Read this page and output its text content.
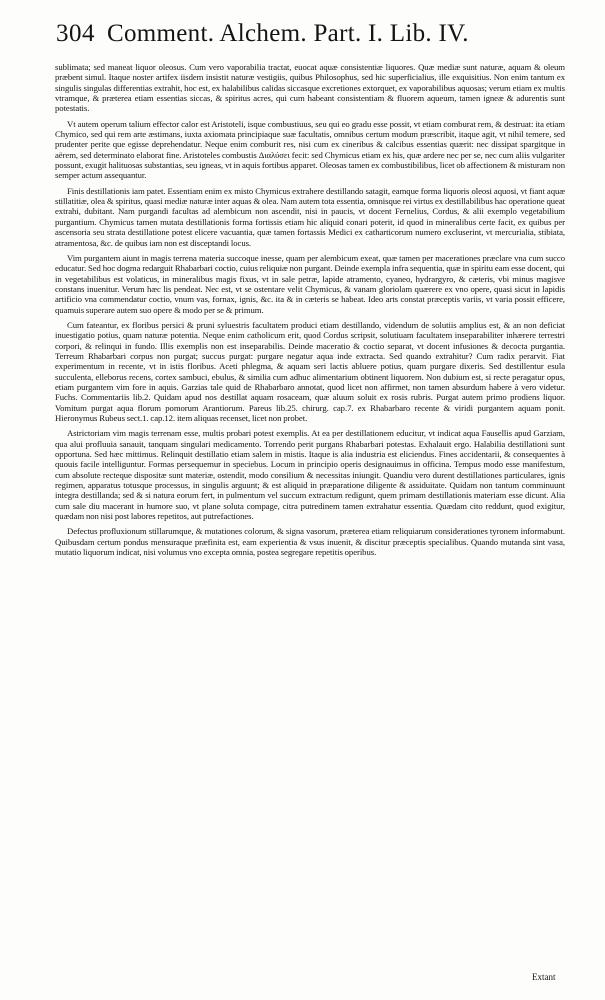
304 Comment. Alchem. Part. I. Lib. IV.

sublimata; sed maneat liquor oleosus. Cum vero vaporabilia tractat, euocat aquæ consistentiæ liquores. Quæ mediæ sunt naturæ, aquam & oleum præbent simul. Itaque noster artifex iisdem insistit naturæ vestigiis, quibus Philosophus, sed hic superficialius, ille exquisitius. Non enim tantum ex singulis singulas differentias extrahit, hoc est, ex halabilibus calidas siccasque excretiones extorquet, ex vaporabilibus aquosas; verum etiam ex multis vtramque, & præterea etiam essentias siccas, & spiritus acres, qui cum habeant consistentiam & fluorem aqueum, tamen igneæ & adurentis sunt potestatis.

Vt autem operum talium effector calor est Aristoteli, isque combustiuus, seu qui eo gradu esse possit, vt etiam comburat rem, & destruat: ita etiam Chymico, sed qui rem arte æstimans, iuxta axiomata principiaque suæ facultatis, omnibus certum modum præscribit, itaque agit, vt nihil temere, sed prudenter perite que egisse deprehendatur. Neque enim comburit res, nisi cum ex cineribus & calcibus essentias quærit: nec dissipat spargitque in aërem, sed determinato elaborat fine. Aristoteles combustis Διαλύσει fecit: sed Chymicus etiam ex his, quæ ardere nec per se, nec cum aliis vulgariter possunt, exugit halituosas substantias, seu igneas, vt in aquis fortibus apparet. Oleosas tamen ex combustibilibus, licet ob affectionem & misturam non semper actum assequantur.

Finis destillationis iam patet. Essentiam enim ex misto Chymicus extrahere destillando satagit, eamque forma liquoris oleosi aquosi, vt fiant aquæ stillatitiæ, olea & spiritus, quasi mediæ naturæ inter aquas & olea. Nam autem tota essentia, omnisque rei virtus ex destillabilibus hac operatione queat extrahi, dubitant. Nam purgandi facultas ad alembicum non ascendit, nisi in paucis, vt docent Fernelius, Cordus, & alii exemplo vegetabilium purgantium. Chymicus tamen mutata destillationis forma fortissis etiam hic aliquid conari poterit, id quod in mineralibus certe facit, ex quibus per ascensoria seu strata destillatione potest elicere vacuantia, quæ tamen fortassis Medici ex catharticorum numero excluserint, vt mercurialia, stibiata, atramentosa, &c. de quibus iam non est disceptandi locus.

Vim purgantem aiunt in magis terrena materia succoque inesse, quam per alembicum exeat, quæ tamen per macerationes præclare vna cum succo educatur. Sed hoc dogma redarguit Rhabarbari coctio, cuius reliquiæ non purgant. Deinde exempla infra sequentia, quæ in spiritu eam esse docent, qui in vegetabilibus est volaticus, in mineralibus magis fixus, vt in sale petræ, lapide atramento, cyaneo, hydrargyro, & cæteris, vbi minus magisve constans inuenitur. Verum hæc lis pendeat. Nec est, vt se ostentare velit Chymicus, & vanam gloriolam quærere ex vno opere, quasi sicut in lapidis artificio vna commendatur coctio, vnum vas, fornax, ignis, &c. ita & in cæteris se habeat. Ideo arts constat præceptis variis, vt varia possit efficere, quamuis superare autem suo opere & modo per se & primum.

Cum fateantur, ex floribus persici & pruni syluestris facultatem produci etiam destillando, videndum de solutiis amplius est, & an non deficiat inuestigatio potius, quam naturæ potentia. Neque enim catholicum erit, quod Cordus scripsit, solutiuam facultatem inseparabiliter inhærere terrestri corpori, & relinqui in fundo. Illis exemplis non est inseparabilis. Deinde maceratio & coctio separat, vt docent infusiones & decocta purgantia. Terreum Rhabarbari corpus non purgat; succus purgat: purgare negatur aqua inde extracta. Sed quando extrahitur? Cum radix perarvit. Fiat experimentum in recente, vt in istis floribus. Aceti phlegma, & aquam seri lactis abluere potius, quam purgare dixeris. Sed destillentur esula succulenta, elleborus recens, cortex sambuci, ebulus, & similia cum adhuc alimentarium obtinent liquorem. Non dubium est, si recte peragatur opus, etiam purgantem vim fore in aquis. Garzias tale quid de Rhabarbaro annotat, quod licet non affirmet, non tamen absurdum habere à vero videtur. Fuchs. Commentariis lib.2. Quidam apud nos destillat aquam rosaceam, quæ aluum soluit ex rosis rubris. Purgat autem primo prodiens liquor. Vomitum purgat aqua florum pomorum Arantiorum. Pareus lib.25. chirurg. cap.7. ex Rhabarbaro recente & viridi purgantem aquam ponit. Hieronymus Rubeus sect.1. cap.12. item aliquas recenset, licet non probet.

Astrictoriam vim magis terrenam esse, multis probari potest exemplis. At ea per destillationem educitur, vt indicat aqua Fausellis apud Garziam, qua alui profluuia sanauit, tanquam singulari medicamento. Torrendo perit purgans Rhabarbari potestas. Exhalauit ergo. Halabilia destillationi sunt opportuna. Sed hæc mittimus. Relinquit destillatio etiam salem in mistis. Itaque is alia industria est eliciendus. Fines accidentarii, & consequentes à quouis facile intelliguntur. Formas persequemur in speciebus. Locum in principio operis designauimus in officina. Tempus modo esse manifestum, cum absolute recteque dispositæ sunt materiæ, ostendit, modo consilium & necessitas iniungit. Quandiu vero durent destillationes particulares, ignis regimen, apparatus totusque processus, in singulis arguunt; & est aliquid in præparatione diligente & assiduitate. Quidam non tantum comminuunt integra destillanda; sed & si natura eorum fert, in pulmentum vel succum extractum redigunt, quem primam destillationis materiam esse dicunt. Alia cum sale diu macerant in humore suo, vt plane soluta compage, citra putredinem tamen extrahatur essentia. Quædam cito reddunt, quod exigitur, quædam non nisi post labores repetitos, aut putrefactiones.

Defectus profluxionum stillarumque, & mutationes colorum, & signa vasorum, præterea etiam reliquiarum considerationes tyronem informabunt. Quibusdam certum pondus mensuraque præfinita est, eam experientia & vsus inuenit, & discitur præceptis specialibus. Quando mutanda sint vasa, mutatio liquorum indicat, nisi volumus vno excepta omnia, postea segregare repetitis operibus.

Extant
